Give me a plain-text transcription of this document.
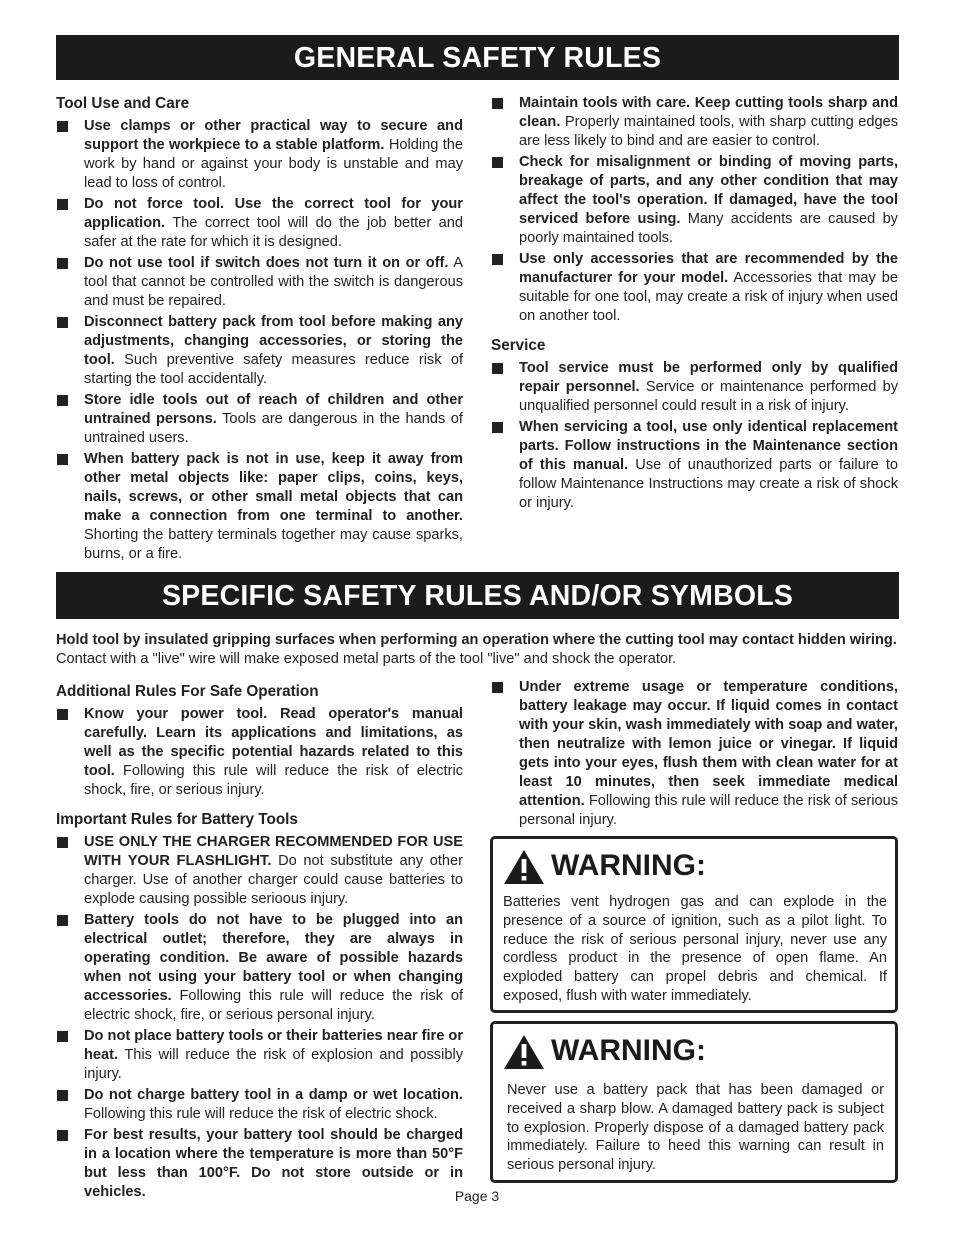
GENERAL SAFETY RULES
Tool Use and Care
Use clamps or other practical way to secure and support the workpiece to a stable platform. Holding the work by hand or against your body is unstable and may lead to loss of control.
Do not force tool. Use the correct tool for your application. The correct tool will do the job better and safer at the rate for which it is designed.
Do not use tool if switch does not turn it on or off. A tool that cannot be controlled with the switch is dangerous and must be repaired.
Disconnect battery pack from tool before making any adjustments, changing accessories, or storing the tool. Such preventive safety measures reduce risk of starting the tool accidentally.
Store idle tools out of reach of children and other untrained persons. Tools are dangerous in the hands of untrained users.
When battery pack is not in use, keep it away from other metal objects like: paper clips, coins, keys, nails, screws, or other small metal objects that can make a connection from one terminal to another. Shorting the battery terminals together may cause sparks, burns, or a fire.
Maintain tools with care. Keep cutting tools sharp and clean. Properly maintained tools, with sharp cutting edges are less likely to bind and are easier to control.
Check for misalignment or binding of moving parts, breakage of parts, and any other condition that may affect the tool's operation. If damaged, have the tool serviced before using. Many accidents are caused by poorly maintained tools.
Use only accessories that are recommended by the manufacturer for your model. Accessories that may be suitable for one tool, may create a risk of injury when used on another tool.
Service
Tool service must be performed only by qualified repair personnel. Service or maintenance performed by unqualified personnel could result in a risk of injury.
When servicing a tool, use only identical replacement parts. Follow instructions in the Maintenance section of this manual. Use of unauthorized parts or failure to follow Maintenance Instructions may create a risk of shock or injury.
SPECIFIC SAFETY RULES AND/OR SYMBOLS
Hold tool by insulated gripping surfaces when performing an operation where the cutting tool may contact hidden wiring. Contact with a "live" wire will make exposed metal parts of the tool "live" and shock the operator.
Additional Rules For Safe Operation
Know your power tool. Read operator's manual carefully. Learn its applications and limitations, as well as the specific potential hazards related to this tool. Following this rule will reduce the risk of electric shock, fire, or serious injury.
Important Rules for Battery Tools
USE ONLY THE CHARGER RECOMMENDED FOR USE WITH YOUR FLASHLIGHT. Do not substitute any other charger. Use of another charger could cause batteries to explode causing possible serioous injury.
Battery tools do not have to be plugged into an electrical outlet; therefore, they are always in operating condition. Be aware of possible hazards when not using your battery tool or when changing accessories. Following this rule will reduce the risk of electric shock, fire, or serious personal injury.
Do not place battery tools or their batteries near fire or heat. This will reduce the risk of explosion and possibly injury.
Do not charge battery tool in a damp or wet location. Following this rule will reduce the risk of electric shock.
For best results, your battery tool should be charged in a location where the temperature is more than 50°F but less than 100°F. Do not store outside or in vehicles.
Under extreme usage or temperature conditions, battery leakage may occur. If liquid comes in contact with your skin, wash immediately with soap and water, then neutralize with lemon juice or vinegar. If liquid gets into your eyes, flush them with clean water for at least 10 minutes, then seek immediate medical attention. Following this rule will reduce the risk of serious personal injury.
WARNING:
Batteries vent hydrogen gas and can explode in the presence of a source of ignition, such as a pilot light. To reduce the risk of serious personal injury, never use any cordless product in the presence of open flame. An exploded battery can propel debris and chemical. If exposed, flush with water immediately.
WARNING:
Never use a battery pack that has been damaged or received a sharp blow. A damaged battery pack is subject to explosion. Properly dispose of a damaged battery pack immediately. Failure to heed this warning can result in serious personal injury.
Page 3
